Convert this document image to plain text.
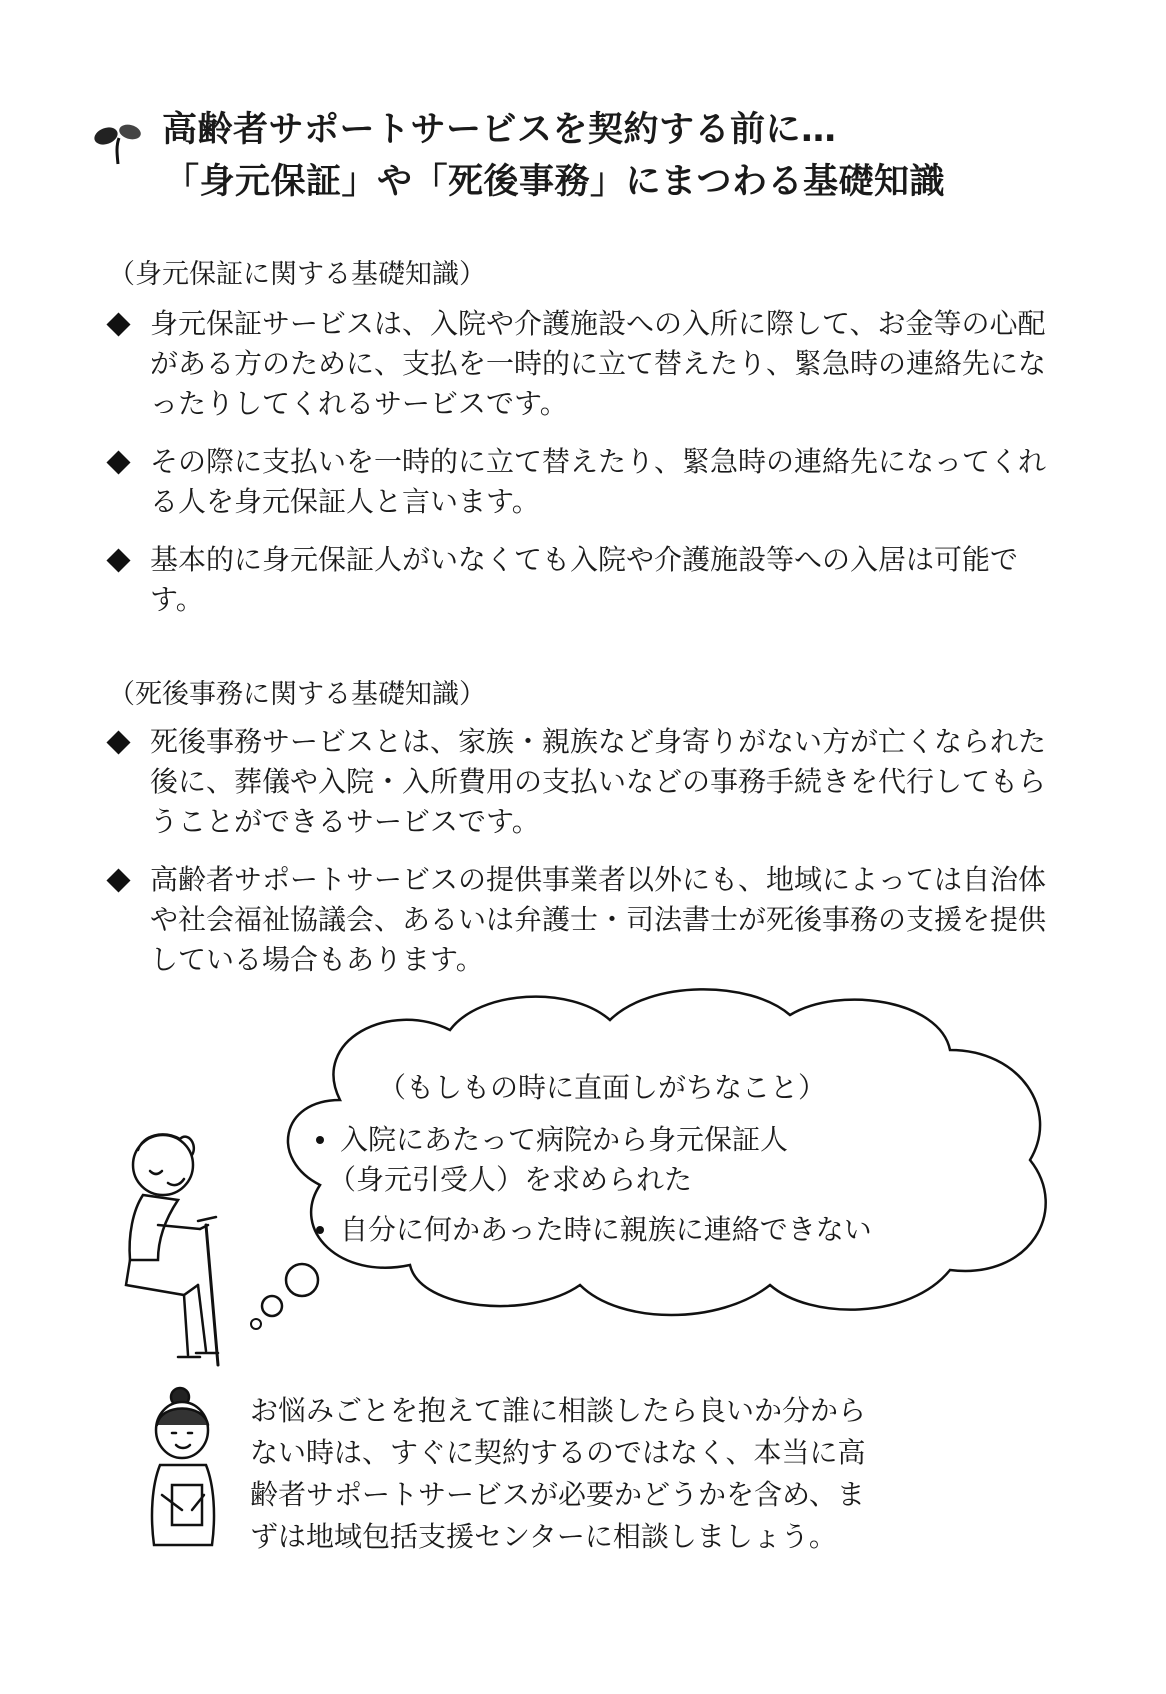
高齢者サポートサービスを契約する前に…
「身元保証」や「死後事務」にまつわる基礎知識
（身元保証に関する基礎知識）
身元保証サービスは、入院や介護施設への入所に際して、お金等の心配がある方のために、支払を一時的に立て替えたり、緊急時の連絡先になったりしてくれるサービスです。
その際に支払いを一時的に立て替えたり、緊急時の連絡先になってくれる人を身元保証人と言います。
基本的に身元保証人がいなくても入院や介護施設等への入居は可能です。
（死後事務に関する基礎知識）
死後事務サービスとは、家族・親族など身寄りがない方が亡くなられた後に、葬儀や入院・入所費用の支払いなどの事務手続きを代行してもらうことができるサービスです。
高齢者サポートサービスの提供事業者以外にも、地域によっては自治体や社会福祉協議会、あるいは弁護士・司法書士が死後事務の支援を提供している場合もあります。
（もしもの時に直面しがちなこと）
入院にあたって病院から身元保証人
（身元引受人）を求められた
自分に何かあった時に親族に連絡できない
お悩みごとを抱えて誰に相談したら良いか分から
ない時は、すぐに契約するのではなく、本当に高
齢者サポートサービスが必要かどうかを含め、ま
ずは地域包括支援センターに相談しましょう。
